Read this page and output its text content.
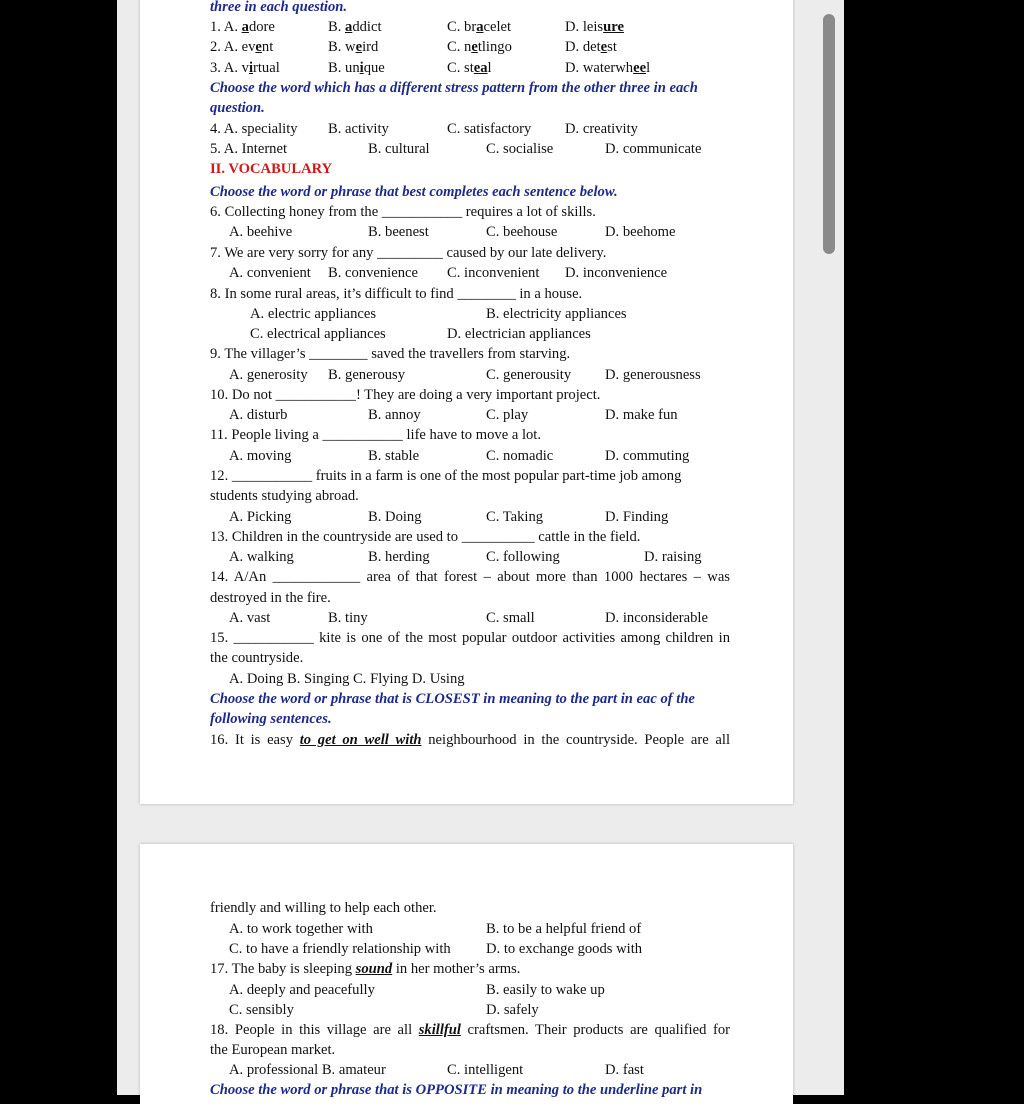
three in each question.
1. A. adore	B. addict	C. bracelet	D. leisure
2. A. event	B. weird	C. netlingo	D. detest
3. A. virtual	B. unique	C. steal	D. waterwheel
Choose the word which has a different stress pattern from the other three in each
question.
4. A. speciality B. activity	C. satisfactory D. creativity
5. A. Internet	B. cultural	C. socialise	D. communicate
II. VOCABULARY
Choose the word or phrase that best completes each sentence below.
6. Collecting honey from the ___________ requires a lot of skills.
A. beehive	B. beenest	C. beehouse	D. beehome
7. We are very sorry for any _________ caused by our late delivery.
A. convenient B. convenience C. inconvenient D. inconvenience
8. In some rural areas, it’s difficult to find ________ in a house.
A. electric appliances	B. electricity appliances
C. electrical appliances	D. electrician appliances
9. The villager’s ________ saved the travellers from starving.
A. generosity B. generousy	C. generousity D. generousness
10. Do not ___________! They are doing a very important project.
A. disturb	B. annoy	C. play	D. make fun
11. People living a ___________ life have to move a lot.
A. moving	B. stable	C. nomadic	D. commuting
12. ___________ fruits in a farm is one of the most popular part-time job among
students studying abroad.
A. Picking	B. Doing	C. Taking	D. Finding
13. Children in the countryside are used to __________ cattle in the field.
A. walking	B. herding	C. following	D. raising
14. A/An ____________ area of that forest – about more than 1000 hectares – was
destroyed in the fire.
A. vast	B. tiny	C. small	D. inconsiderable
15. ___________ kite is one of the most popular outdoor activities among children in
the countryside.
A. Doing B. Singing C. Flying D. Using
Choose the word or phrase that is CLOSEST in meaning to the part in eac of the
following sentences.
16. It is easy to get on well with neighbourhood in the countryside. People are all
friendly and willing to help each other.
A. to work together with	B. to be a helpful friend of
C. to have a friendly relationship with D. to exchange goods with
17. The baby is sleeping sound in her mother’s arms.
A. deeply and peacefully	B. easily to wake up
C. sensibly	D. safely
18. People in this village are all skillful craftsmen. Their products are qualified for
the European market.
A. professional B. amateur	C. intelligent	D. fast
Choose the word or phrase that is OPPOSITE in meaning to the underline part in
